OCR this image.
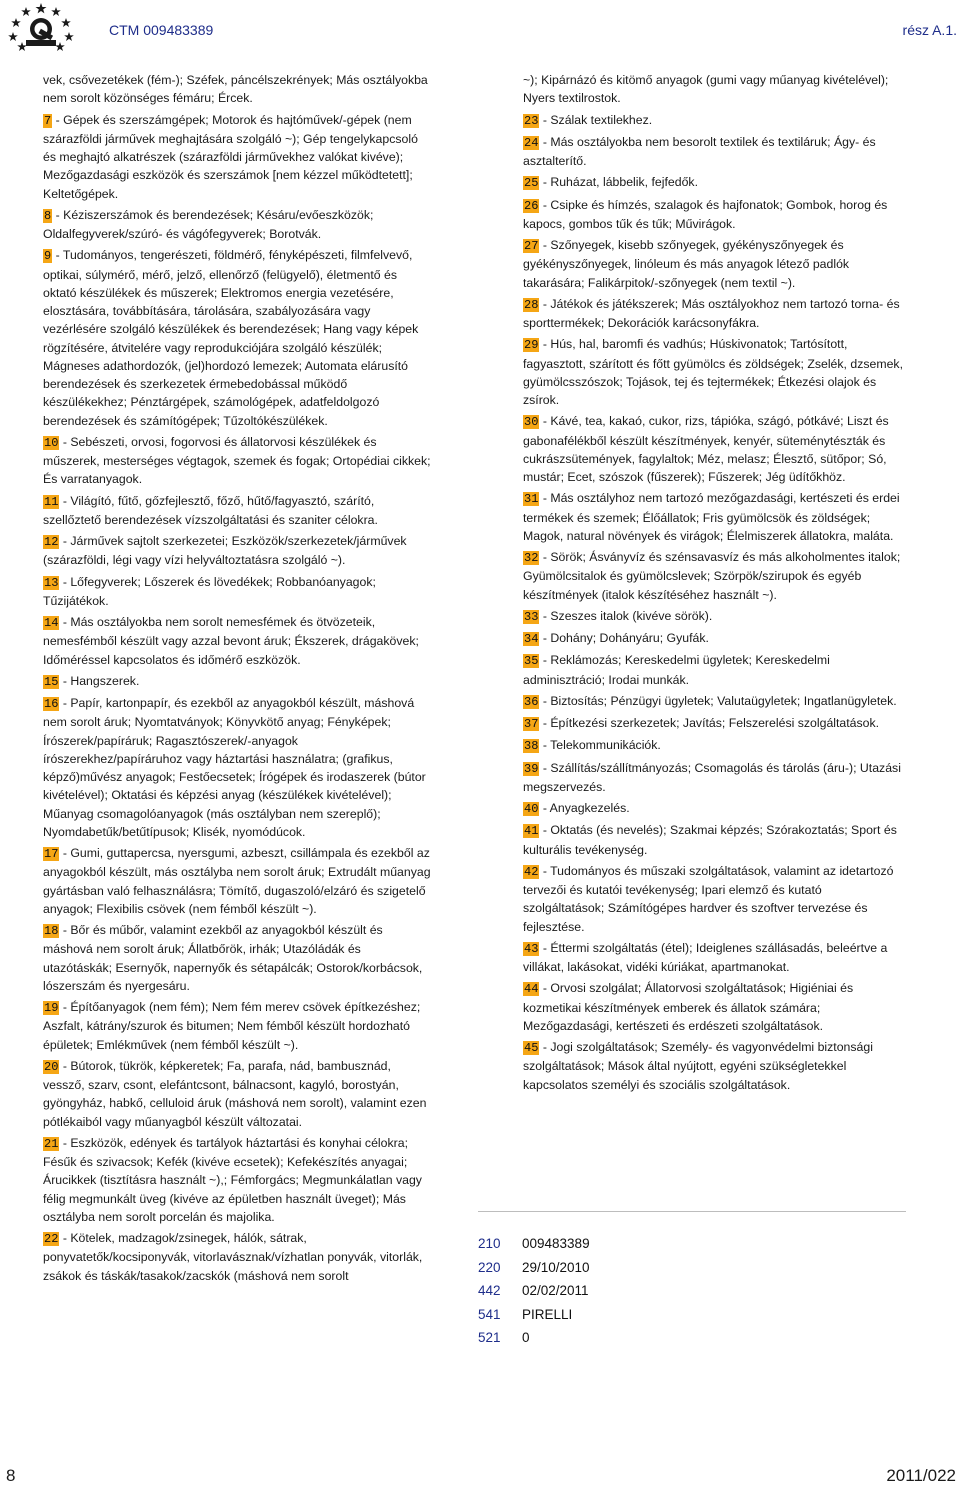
CTM 009483389	rész A.1.

vek, csővezetékek (fém-); Széfek, páncélszekrények; Más osztályokba nem sorolt közönséges fémáru; Ércek.

7 - Gépek és szerszámgépek; Motorok és hajtóművek/-gépek (nem szárazföldi járművek meghajtására szolgáló ~); Gép tengelykapcsoló és meghajtó alkatrészek (szárazföldi járművekhez valókat kivéve); Mezőgazdasági eszközök és szerszámok [nem kézzel működtetett]; Keltetőgépek.

8 - Kéziszerszámok és berendezések; Késáru/evőeszközök; Oldalfegyverek/szúró- és vágófegyverek; Borotvák.

9 - Tudományos, tengerészeti, földmérő, fényképészeti, filmfelvevő, optikai, súlymérő, mérő, jelző, ellenőrző (felügyelő), életmentő és oktató készülékek és műszerek; Elektromos energia vezetésére, elosztására, továbbítására, tárolására, szabályozására vagy vezérlésére szolgáló készülékek és berendezések; Hang vagy képek rögzítésére, átvitelére vagy reprodukciójára szolgáló készülék; Mágneses adathordozók, (jel)hordozó lemezek; Automata elárusító berendezések és szerkezetek érmebedobással működő készülékekhez; Pénztárgépek, számológépek, adatfeldolgozó berendezések és számítógépek; Tűzoltókészülékek.

10 - Sebészeti, orvosi, fogorvosi és állatorvosi készülékek és műszerek, mesterséges végtagok, szemek és fogak; Ortopédiai cikkek; És varratanyagok.

11 - Világító, fűtő, gőzfejlesztő, főző, hűtő/fagyasztó, szárító, szellőztető berendezések vízszolgáltatási és szaniter célokra.

12 - Járművek sajtolt szerkezetei; Eszközök/szerkezetek/járművek (szárazföldi, légi vagy vízi helyváltoztatásra szolgáló ~).

13 - Lőfegyverek; Lőszerek és lövedékek; Robbanóanyagok; Tűzijátékok.

14 - Más osztályokba nem sorolt nemesfémek és ötvözeteik, nemesfémből készült vagy azzal bevont áruk; Ékszerek, drágakövek; Időméréssel kapcsolatos és időmérő eszközök.

15 - Hangszerek.

16 - Papír, kartonpapír, és ezekből az anyagokból készült, máshová nem sorolt áruk; Nyomtatványok; Könyvkötő anyag; Fényképek; Írószerek/papíráruk; Ragasztószerek/-anyagok írószerekhez/papíráruhoz vagy háztartási használatra; (grafikus, képző)művész anyagok; Festőecsetek; Írógépek és irodaszerek (bútor kivételével); Oktatási és képzési anyag (készülékek kivételével); Műanyag csomagolóanyagok (más osztályban nem szereplő); Nyomdabetűk/betűtípusok; Klisék, nyomódúcok.

17 - Gumi, guttapercsa, nyersgumi, azbeszt, csillámpala és ezekből az anyagokból készült, más osztályba nem sorolt áruk; Extrudált műanyag gyártásban való felhasználásra; Tömítő, dugaszoló/elzáró és szigetelő anyagok; Flexibilis csövek (nem fémből készült ~).

18 - Bőr és műbőr, valamint ezekből az anyagokból készült és máshová nem sorolt áruk; Állatbőrök, irhák; Utazóládák és utazótáskák; Esernyők, napernyők és sétapálcák; Ostorok/korbácsok, lószerszám és nyergesáru.

19 - Építőanyagok (nem fém); Nem fém merev csövek építkezéshez; Aszfalt, kátrány/szurok és bitumen; Nem fémből készült hordozható épületek; Emlékművek (nem fémből készült ~).

20 - Bútorok, tükrök, képkeretek; Fa, parafa, nád, bambusznád, vessző, szarv, csont, elefántcsont, bálnacsont, kagyló, borostyán, gyöngyház, habkő, celluloid áruk (máshová nem sorolt), valamint ezen pótlékaiból vagy műanyagból készült változatai.

21 - Eszközök, edények és tartályok háztartási és konyhai célokra; Fésűk és szivacsok; Kefék (kivéve ecsetek); Kefekészítés anyagai; Árucikkek (tisztításra használt ~),; Fémforgács; Megmunkálatlan vagy félig megmunkált üveg (kivéve az épületben használt üveget); Más osztályba nem sorolt porcelán és majolika.

22 - Kötelek, madzagok/zsinegek, hálók, sátrak, ponyvatetők/kocsiponyvák, vitorlavásznak/vízhatlan ponyvák, vitorlák, zsákok és táskák/tasakok/zacskók (máshová nem sorolt

~); Kipárnázó és kitömő anyagok (gumi vagy műanyag kivételével); Nyers textilrostok.

23 - Szálak textilekhez.

24 - Más osztályokba nem besorolt textilek és textiláruk; Ágy- és asztalterítő.

25 - Ruházat, lábbelik, fejfedők.

26 - Csipke és hímzés, szalagok és hajfonatok; Gombok, horog és kapocs, gombos tűk és tűk; Művirágok.

27 - Szőnyegek, kisebb szőnyegek, gyékényszőnyegek és gyékényszőnyegek, linóleum és más anyagok létező padlók takarására; Falikárpitok/-szőnyegek (nem textil ~).

28 - Játékok és játékszerek; Más osztályokhoz nem tartozó torna- és sporttermékek; Dekorációk karácsonyfákra.

29 - Hús, hal, baromfi és vadhús; Húskivonatok; Tartósított, fagyasztott, szárított és főtt gyümölcs és zöldségek; Zselék, dzsemek, gyümölcsszószok; Tojások, tej és tejtermékek; Étkezési olajok és zsírok.

30 - Kávé, tea, kakaó, cukor, rizs, tápióka, szágó, pótkávé; Liszt és gabonafélékből készült készítmények, kenyér, süteménytészták és cukrászsütemények, fagylaltok; Méz, melasz; Élesztő, sütőpor; Só, mustár; Ecet, szószok (fűszerek); Fűszerek; Jég üdítőkhöz.

31 - Más osztályhoz nem tartozó mezőgazdasági, kertészeti és erdei termékek és szemek; Élőállatok; Fris gyümölcsök és zöldségek; Magok, natural növények és virágok; Élelmiszerek állatokra, maláta.

32 - Sörök; Ásványvíz és szénsavasvíz és más alkoholmentes italok; Gyümölcsitalok és gyümölcslevek; Szörpök/szirupok és egyéb készítmények (italok készítéséhez használt ~).

33 - Szeszes italok (kivéve sörök).

34 - Dohány; Dohányáru; Gyufák.

35 - Reklámozás; Kereskedelmi ügyletek; Kereskedelmi adminisztráció; Irodai munkák.

36 - Biztosítás; Pénzügyi ügyletek; Valutaügyletek; Ingatlanügyletek.

37 - Építkezési szerkezetek; Javítás; Felszerelési szolgáltatások.

38 - Telekommunikációk.

39 - Szállítás/szállítmányozás; Csomagolás és tárolás (áru-); Utazási megszervezés.

40 - Anyagkezelés.

41 - Oktatás (és nevelés); Szakmai képzés; Szórakoztatás; Sport és kulturális tevékenység.

42 - Tudományos és műszaki szolgáltatások, valamint az idetartozó tervezői és kutatói tevékenység; Ipari elemző és kutató szolgáltatások; Számítógépes hardver és szoftver tervezése és fejlesztése.

43 - Éttermi szolgáltatás (étel); Ideiglenes szállásadás, beleértve a villákat, lakásokat, vidéki kúriákat, apartmanokat.

44 - Orvosi szolgálat; Állatorvosi szolgáltatások; Higiéniai és kozmetikai készítmények emberek és állatok számára; Mezőgazdasági, kertészeti és erdészeti szolgáltatások.

45 - Jogi szolgáltatások; Személy- és vagyonvédelmi biztonsági szolgáltatások; Mások által nyújtott, egyéni szükségletekkel kapcsolatos személyi és szociális szolgáltatások.

210	009483389
220	29/10/2010
442	02/02/2011
541	PIRELLI
521	0
8	2011/022
